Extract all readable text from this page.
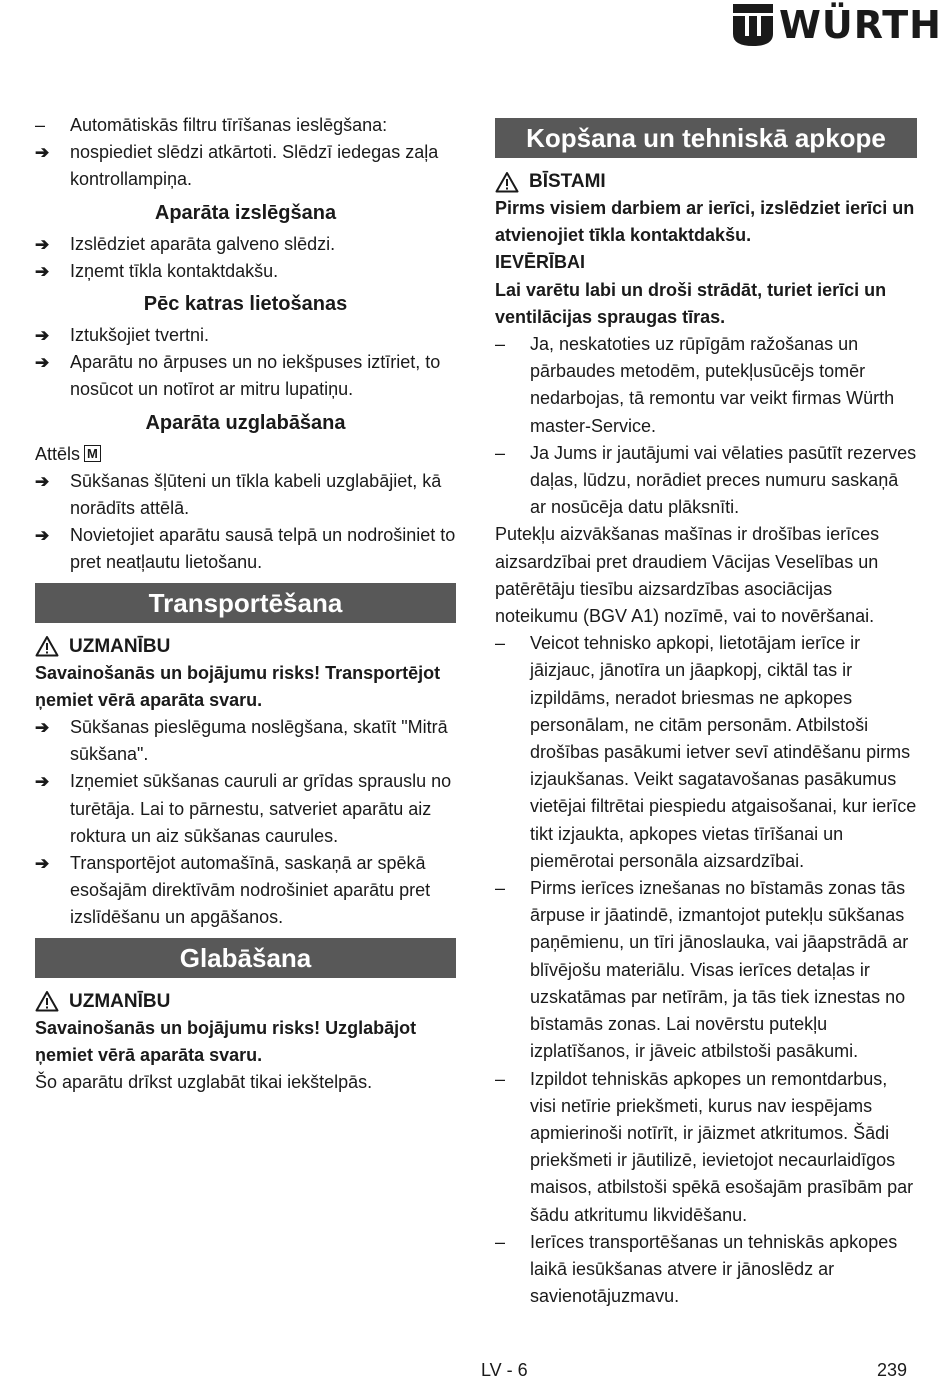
WÜRTH
–	Automātiskās filtru tīrīšanas ieslēgšana:
➔	nospiediet slēdzi atkārtoti. Slēdzī iedegas zaļa kontrollampiņa.
Aparāta izslēgšana
➔	Izslēdziet aparāta galveno slēdzi.
➔	Izņemt tīkla kontaktdakšu.
Pēc katras lietošanas
➔	Iztukšojiet tvertni.
➔	Aparātu no ārpuses un no iekšpuses iztīriet, to nosūcot un notīrot ar mitru lupatiņu.
Aparāta uzglabāšana

Attēls M

➔	Sūkšanas šļūteni un tīkla kabeli uzglabājiet, kā norādīts attēlā.
➔	Novietojiet aparātu sausā telpā un nodrošiniet to pret neatļautu lietošanu.
Transportēšana
UZMANĪBU

Savainošanās un bojājumu risks! Transportējot ņemiet vērā aparāta svaru.

➔	Sūkšanas pieslēguma noslēgšana, skatīt "Mitrā sūkšana".
➔	Izņemiet sūkšanas cauruli ar grīdas sprauslu no turētāja. Lai to pārnestu, satveriet aparātu aiz roktura un aiz sūkšanas caurules.
➔	Transportējot automašīnā, saskaņā ar spēkā esošajām direktīvām nodrošiniet aparātu pret izslīdēšanu un apgāšanos.
Glabāšana
UZMANĪBU

Savainošanās un bojājumu risks! Uzglabājot ņemiet vērā aparāta svaru.

Šo aparātu drīkst uzglabāt tikai iekštelpās.

Kopšana un tehniskā apkope
BĪSTAMI

Pirms visiem darbiem ar ierīci, izslēdziet ierīci un atvienojiet tīkla kontaktdakšu.

IEVĒRĪBAI

Lai varētu labi un droši strādāt, turiet ierīci un ventilācijas spraugas tīras.

–	Ja, neskatoties uz rūpīgām ražošanas un pārbaudes metodēm, putekļusūcējs tomēr nedarbojas, tā remontu var veikt firmas Würth master-Service.
–	Ja Jums ir jautājumi vai vēlaties pasūtīt rezerves daļas, lūdzu, norādiet preces numuru saskaņā ar nosūcēja datu plāksnīti.

Putekļu aizvākšanas mašīnas ir drošības ierīces aizsardzībai pret draudiem Vācijas Veselības un patērētāju tiesību aizsardzības asociācijas noteikumu (BGV A1) nozīmē, vai to novēršanai.

–	Veicot tehnisko apkopi, lietotājam ierīce ir jāizjauc, jānotīra un jāapkopj, ciktāl tas ir izpildāms, neradot briesmas ne apkopes personālam, ne citām personām. Atbilstoši drošības pasākumi ietver sevī atindēšanu pirms izjaukšanas. Veikt sagatavošanas pasākumus vietējai filtrētai piespiedu atgaisošanai, kur ierīce tikt izjaukta, apkopes vietas tīrīšanai un piemērotai personāla aizsardzībai.
–	Pirms ierīces iznešanas no bīstamās zonas tās ārpuse ir jāatindē, izmantojot putekļu sūkšanas paņēmienu, un tīri jānoslauka, vai jāapstrādā ar blīvējošu materiālu. Visas ierīces detaļas ir uzskatāmas par netīrām, ja tās tiek iznestas no bīstamās zonas. Lai novērstu putekļu izplatīšanos, ir jāveic atbilstoši pasākumi.
–	Izpildot tehniskās apkopes un remontdarbus, visi netīrie priekšmeti, kurus nav iespējams apmierinoši notīrīt, ir jāizmet atkritumos. Šādi priekšmeti ir jāutilizē, ievietojot necaurlaidīgos maisos, atbilstoši spēkā esošajām prasībām par šādu atkritumu likvidēšanu.
–	Ierīces transportēšanas un tehniskās apkopes laikā iesūkšanas atvere ir jānoslēdz ar savienotājuzmavu.
LV - 6	239
